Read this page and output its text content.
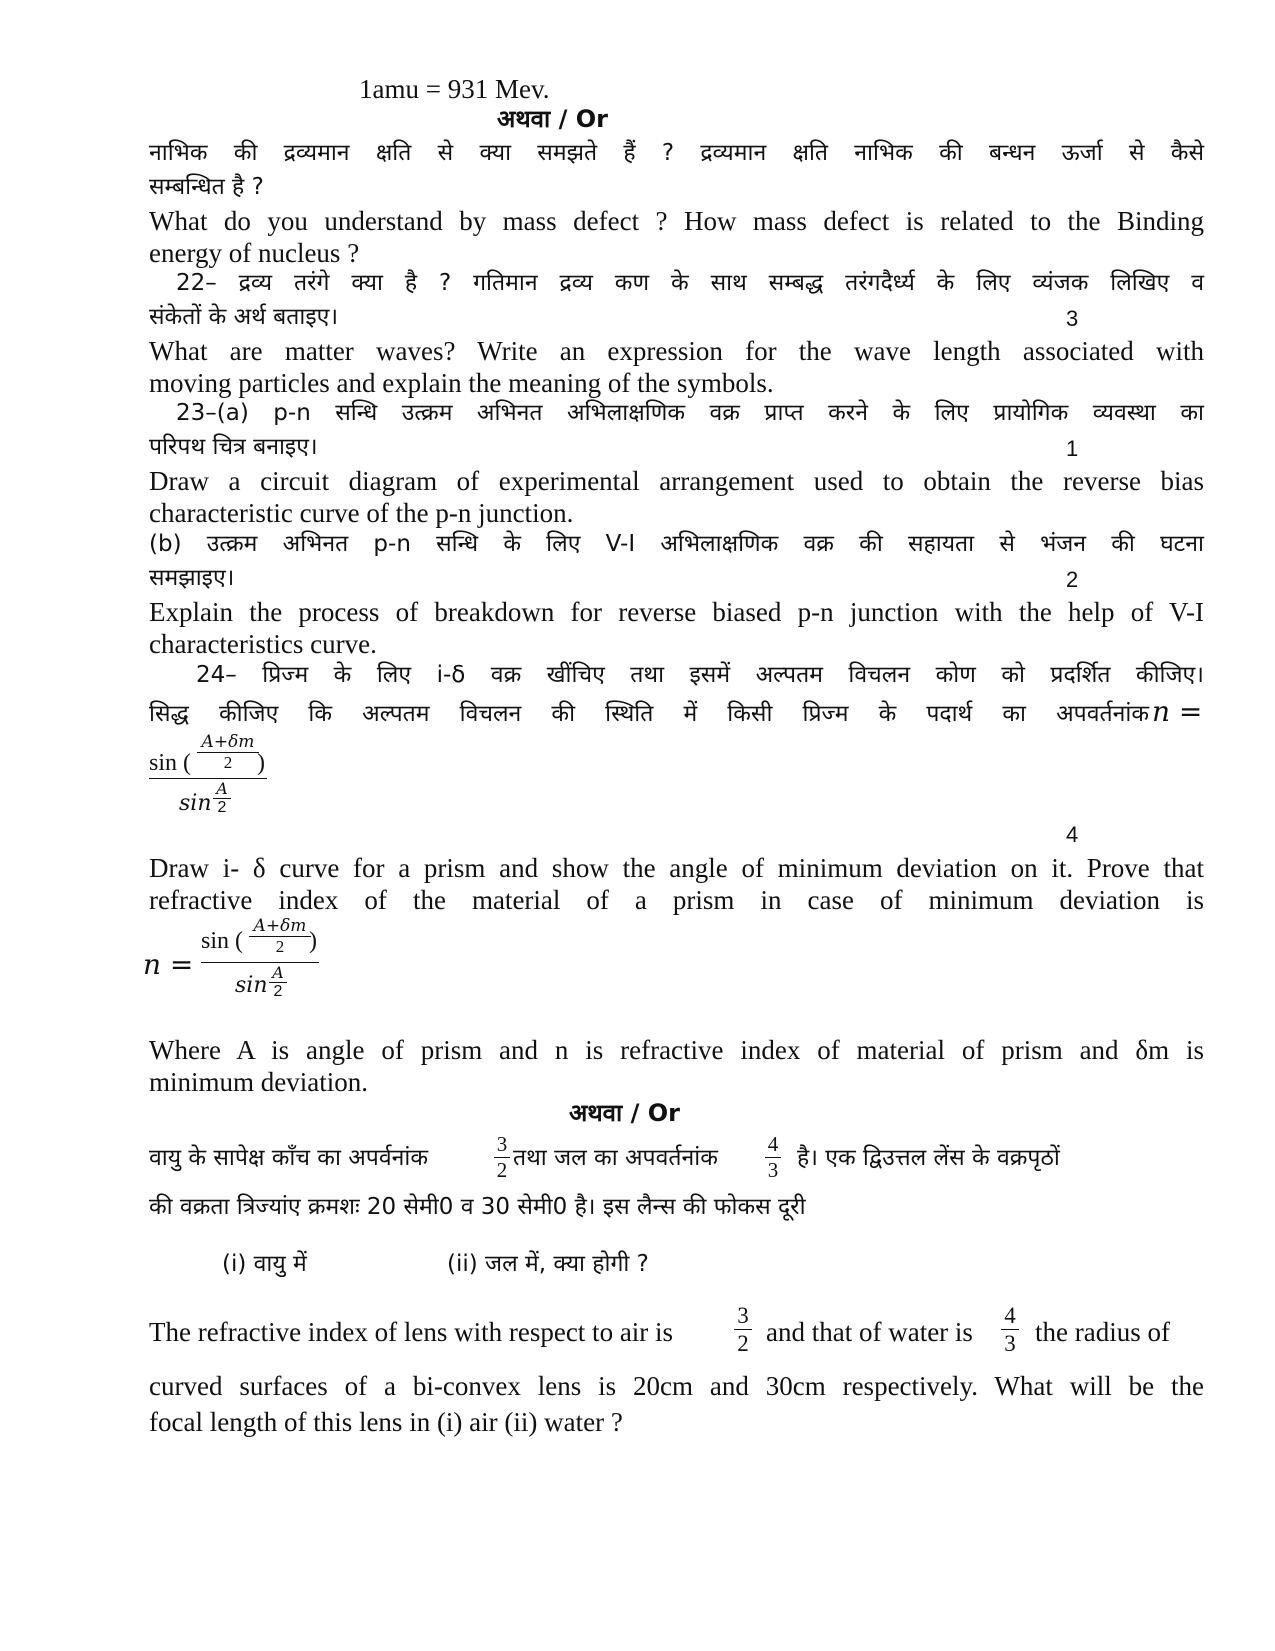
1amu = 931 Mev.
अथवा / Or
नाभिक की द्रव्यमान क्षति से क्या समझते हैं ? द्रव्यमान क्षति नाभिक की बन्धन ऊर्जा से कैसे
सम्बन्धित है ?
What do you understand by mass defect ? How mass defect is related to the Binding
energy of nucleus ?
22– द्रव्य तरंगे क्या है ? गतिमान द्रव्य कण के साथ सम्बद्ध तरंगदैर्ध्य के लिए व्यंजक लिखिए व
संकेतों के अर्थ बताइए।	3
What are matter waves? Write an expression for the wave length associated with
moving particles and explain the meaning of the symbols.
23–(a) p-n सन्धि उत्क्रम अभिनत अभिलाक्षणिक वक्र प्राप्त करने के लिए प्रायोगिक व्यवस्था का
परिपथ चित्र बनाइए।	1
Draw a circuit diagram of experimental arrangement used to obtain the reverse bias
characteristic curve of the p-n junction.
(b) उत्क्रम अभिनत p-n सन्धि के लिए V-I अभिलाक्षणिक वक्र की सहायता से भंजन की घटना
समझाइए।	2
Explain the process of breakdown for reverse biased p-n junction with the help of V-I
characteristics curve.
24– प्रिज्म के लिए i-δ वक्र खींचिए तथा इसमें अल्पतम विचलन कोण को प्रदर्शित कीजिए।
सिद्ध कीजिए कि अल्पतम विचलन की स्थिति में किसी प्रिज्म के पदार्थ का अपवर्तनांक n =
sin (
A+δm
2	)
sin
A
2
4
Draw i- δ curve for a prism and show the angle of minimum deviation on it. Prove that
refractive index of the material of a prism in case of minimum deviation is
n =
sin (
A+δm
2	)
sin
A
2
Where A is angle of prism and n is refractive index of material of prism and δm is
minimum deviation.
अथवा / Or
वायु के सापेक्ष काँच का अपर्वनांक
3
2 तथा जल का अपवर्तनांक
4
3 है। एक द्विउत्तल लेंस के वक्रपृठों
की वक्रता त्रिज्यांए क्रमशः 20 सेमी0 व 30 सेमी0 है। इस लैन्स की फोकस दूरी
(i) वायु में	(ii) जल में, क्या होगी ?
The refractive index of lens with respect to air is
3
2 and that of water is
4
3 the radius of
curved surfaces of a bi-convex lens is 20cm and 30cm respectively. What will be the
focal length of this lens in (i) air (ii) water ?
